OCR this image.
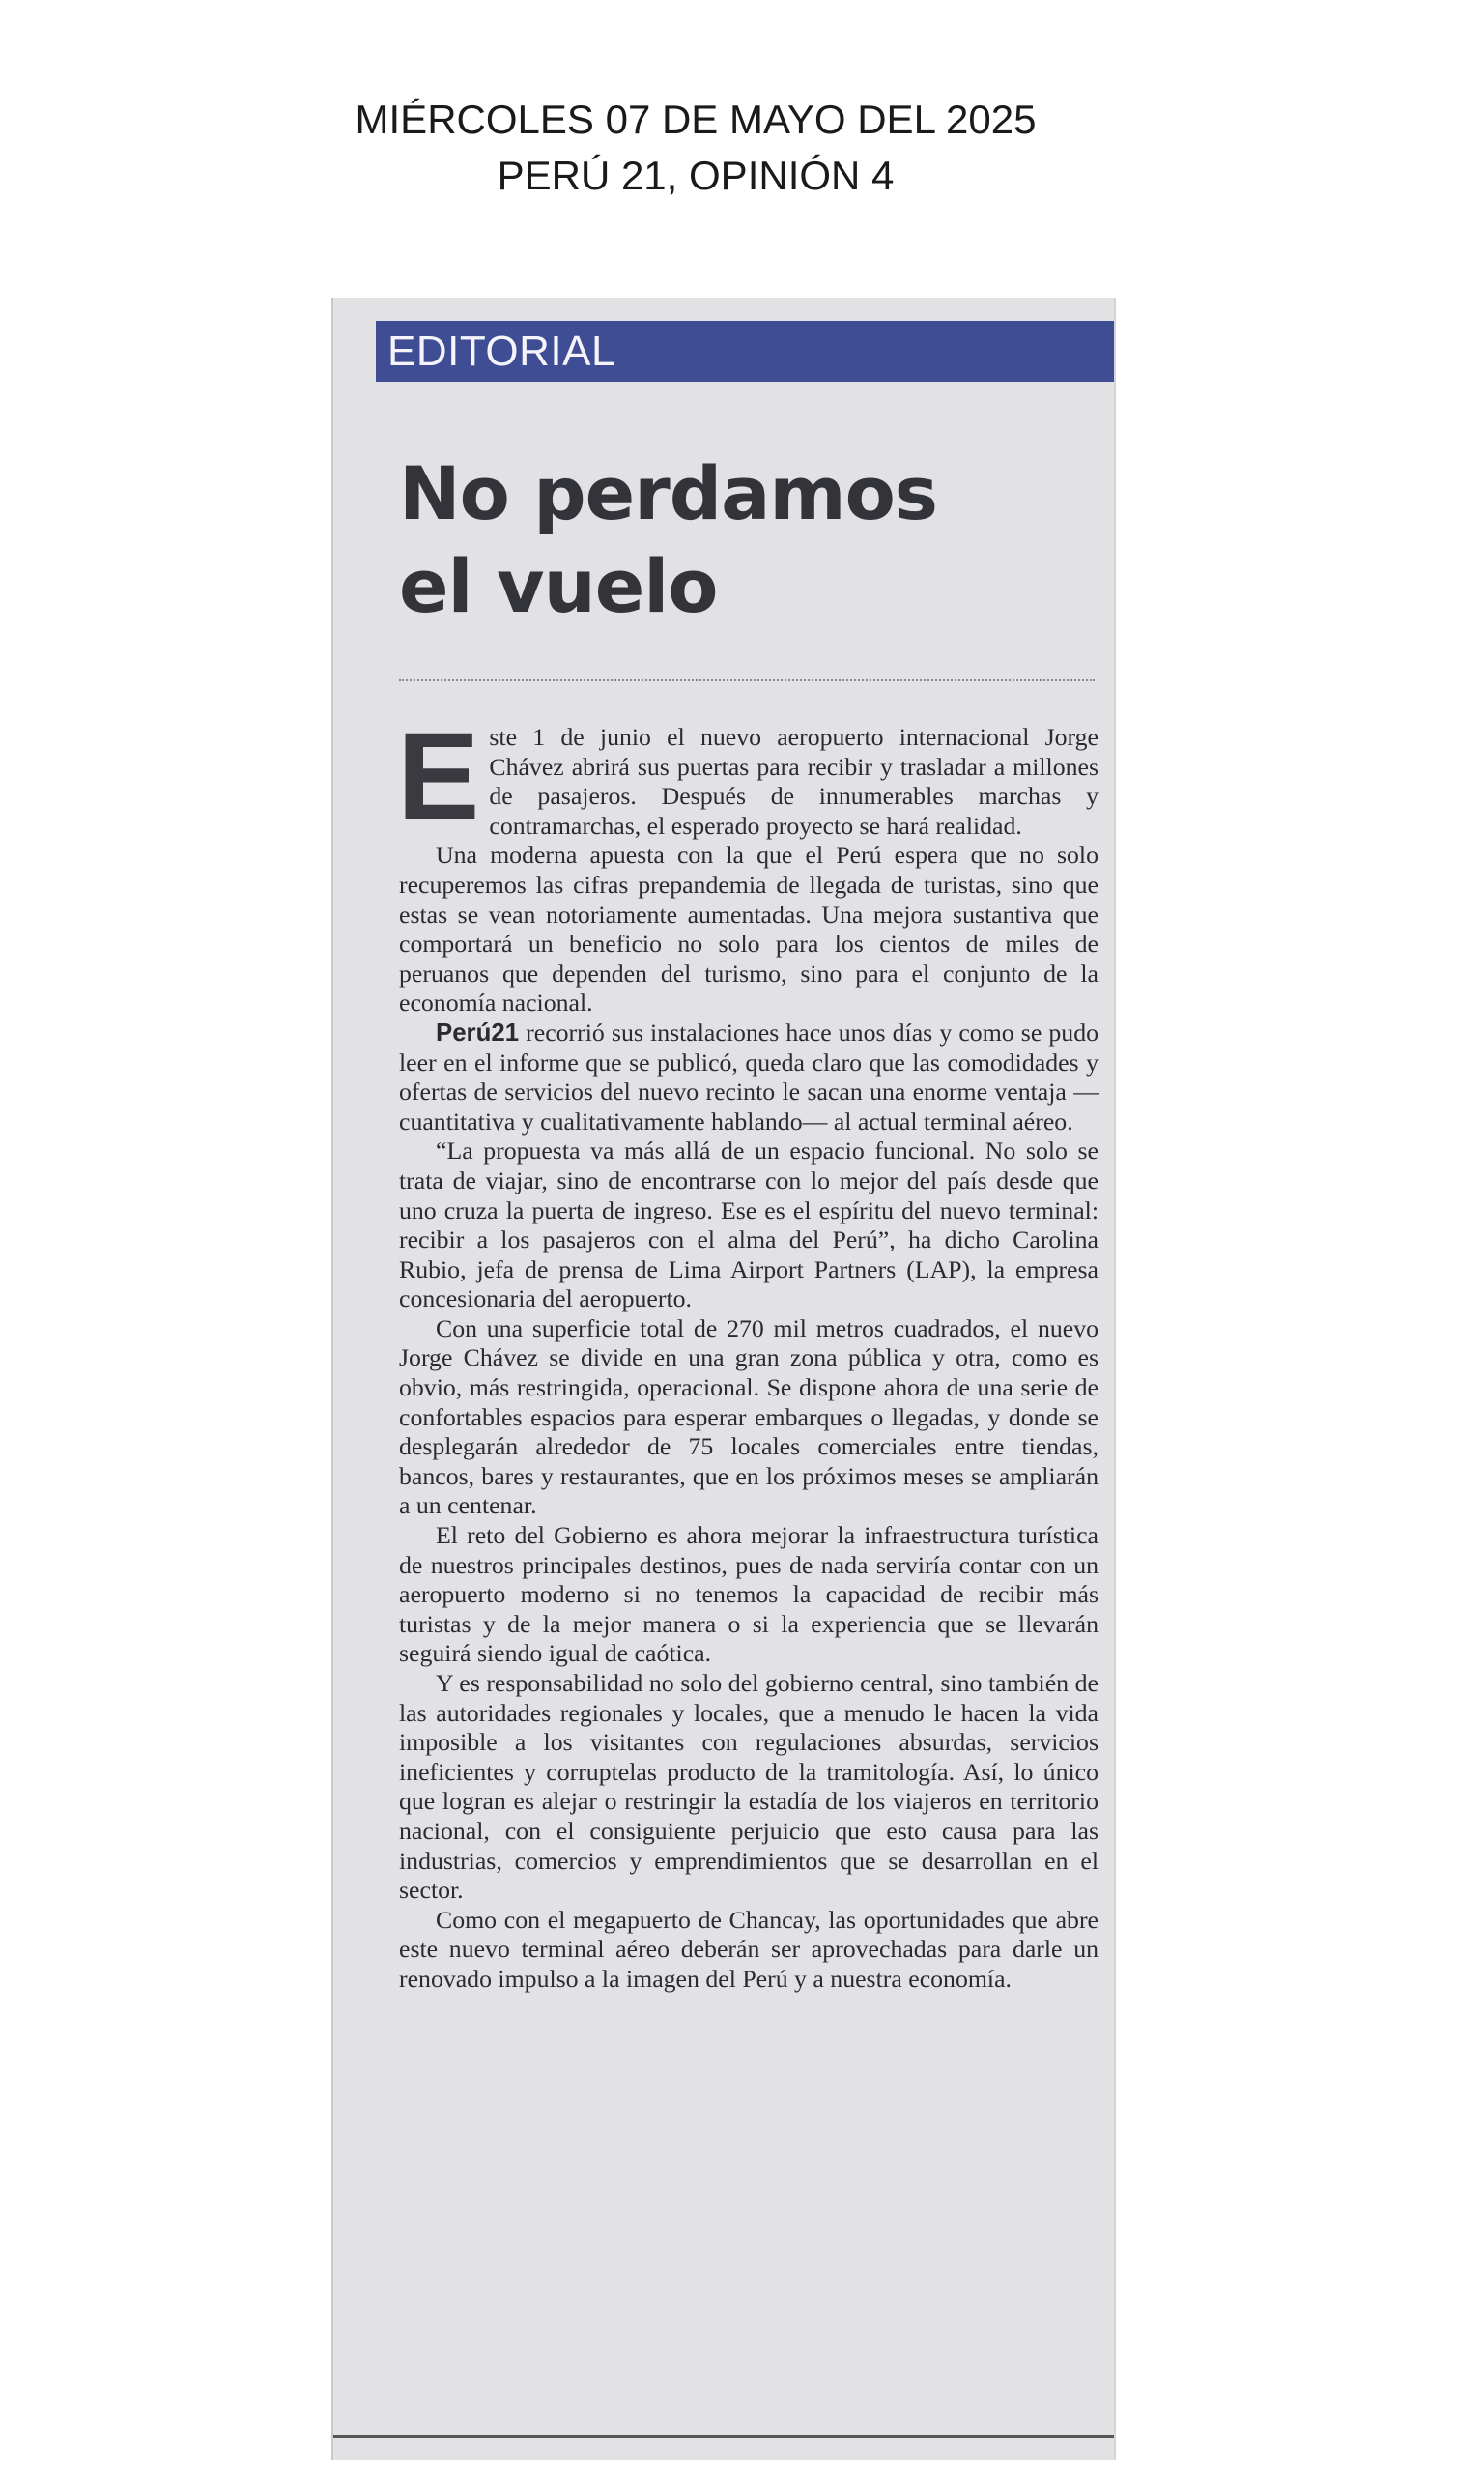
MIÉRCOLES 07 DE MAYO DEL 2025
PERÚ 21, OPINIÓN 4
EDITORIAL
No perdamos
el vuelo

Este 1 de junio el nuevo aeropuerto internacional Jorge Chávez abrirá sus puertas para recibir y trasladar a millones de pasajeros. Después de innumerables marchas y contramarchas, el esperado proyecto se hará realidad.

Una moderna apuesta con la que el Perú espera que no solo recuperemos las cifras prepandemia de llegada de turistas, sino que estas se vean notoriamente aumentadas. Una mejora sustantiva que comportará un beneficio no solo para los cientos de miles de peruanos que dependen del turismo, sino para el conjunto de la economía nacional.

Perú21 recorrió sus instalaciones hace unos días y como se pudo leer en el informe que se publicó, queda claro que las comodidades y ofertas de servicios del nuevo recinto le sacan una enorme ventaja —cuantitativa y cualitativamente hablando— al actual terminal aéreo.

“La propuesta va más allá de un espacio funcional. No solo se trata de viajar, sino de encontrarse con lo mejor del país desde que uno cruza la puerta de ingreso. Ese es el espíritu del nuevo terminal: recibir a los pasajeros con el alma del Perú”, ha dicho Carolina Rubio, jefa de prensa de Lima Airport Partners (LAP), la empresa concesionaria del aeropuerto.

Con una superficie total de 270 mil metros cuadrados, el nuevo Jorge Chávez se divide en una gran zona pública y otra, como es obvio, más restringida, operacional. Se dispone ahora de una serie de confortables espacios para esperar embarques o llegadas, y donde se desplegarán alrededor de 75 locales comerciales entre tiendas, bancos, bares y restaurantes, que en los próximos meses se ampliarán a un centenar.

El reto del Gobierno es ahora mejorar la infraestructura turística de nuestros principales destinos, pues de nada serviría contar con un aeropuerto moderno si no tenemos la capacidad de recibir más turistas y de la mejor manera o si la experiencia que se llevarán seguirá siendo igual de caótica.

Y es responsabilidad no solo del gobierno central, sino también de las autoridades regionales y locales, que a menudo le hacen la vida imposible a los visitantes con regulaciones absurdas, servicios ineficientes y corruptelas producto de la tramitología. Así, lo único que logran es alejar o restringir la estadía de los viajeros en territorio nacional, con el consiguiente perjuicio que esto causa para las industrias, comercios y emprendimientos que se desarrollan en el sector.

Como con el megapuerto de Chancay, las oportunidades que abre este nuevo terminal aéreo deberán ser aprovechadas para darle un renovado impulso a la imagen del Perú y a nuestra economía.
